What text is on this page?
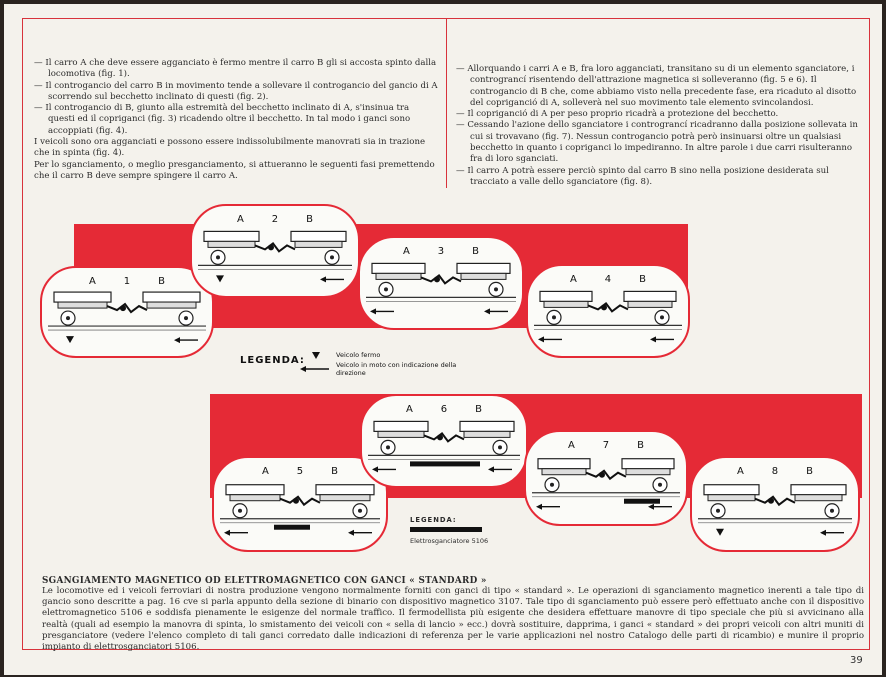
— Il carro A che deve essere agganciato è fermo mentre il carro B gli si accosta spinto dalla locomotiva (fig. 1).

— Il controgancio del carro B in movimento tende a sollevare il controgancio del gancio di A scorrendo sul becchetto inclinato di questi (fig. 2).

— Il controgancio di B, giunto alla estremità del becchetto inclinato di A, s'insinua tra questi ed il copriganci (fig. 3) ricadendo oltre il becchetto. In tal modo i ganci sono accoppiati (fig. 4).

I veicoli sono ora agganciati e possono essere indissolubilmente manovrati sia in trazione che in spinta (fig. 4).

Per lo sganciamento, o meglio presganciamento, si attueranno le seguenti fasi premettendo che il carro B deve sempre spingere il carro A.

— Allorquando i carri A e B, fra loro agganciati, transitano su di un elemento sganciatore, i contrograncí risentendo dell'attrazione magnetica si solleveranno (fig. 5 e 6). Il controgancio di B che, come abbiamo visto nella precedente fase, era ricaduto al disotto del copriganció di A, solleverà nel suo movimento tale elemento svincolandosi.

— Il copriganció di A per peso proprio ricadrà a protezione del becchetto.

— Cessando l'azione dello sganciatore i contrograncí ricadranno dalla posizione sollevata in cui si trovavano (fig. 7). Nessun controgancio potrà però insinuarsi oltre un qualsiasi becchetto in quanto i copriganci lo impediranno. In altre parole i due carri risulteranno fra di loro sganciati.

— Il carro A potrà essere perciò spinto dal carro B sino nella posizione desiderata sul tracciato a valle dello sganciatore (fig. 8).

A	1	B
A	2	B
A	3	B
A	4	B
A	5	B
A	6	B
A	7	B
A	8	B
LEGENDA:	Veicolo fermo
Veicolo in moto con indicazione della direzione
LEGENDA:
Elettrosganciatore 5106
SGANGIAMENTO MAGNETICO OD ELETTROMAGNETICO CON GANCI « STANDARD »
Le locomotive ed i veicoli ferroviari di nostra produzione vengono normalmente forniti con ganci di tipo « standard ». Le operazioni di sganciamento magnetico inerenti a tale tipo di gancio sono descritte a pag. 16 cve si parla appunto della sezione di binario con dispositivo magnetico 3107. Tale tipo di sganciamento può essere però effettuato anche con il dispositivo elettromagnetico 5106 e soddisfa pienamente le esigenze del normale traffico. Il fermodellista più esigente che desidera effettuare manovre di tipo speciale che più si avvicinano alla realtà (quali ad esempio la manovra di spinta, lo smistamento dei veicoli con « sella di lancio » ecc.) dovrà sostituire, dapprima, i ganci « standard » dei propri veicoli con altri muniti di presganciatore (vedere l'elenco completo di tali ganci corredato dalle indicazioni di referenza per le varie applicazioni nel nostro Catalogo delle parti di ricambio) e munire il proprio impianto di elettrosganciatori 5106.
39
